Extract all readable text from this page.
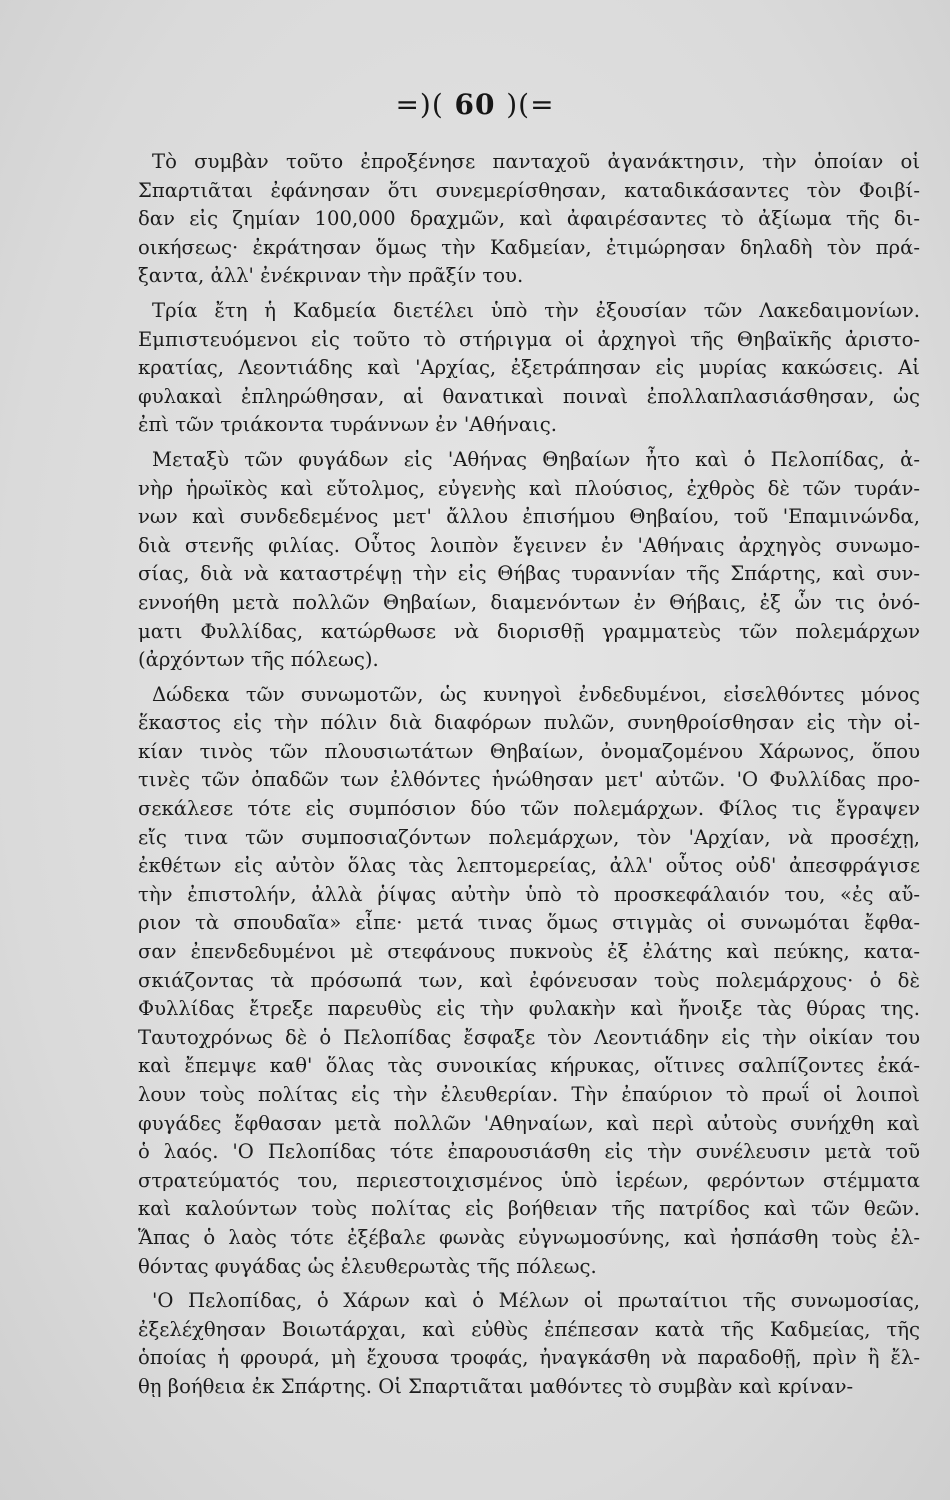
=)( 60 )(=
Τὸ συμβὰν τοῦτο ἐπροξένησε πανταχοῦ ἀγανάκτησιν, τὴν ὁποίαν οἱ
Σπαρτιᾶται ἐφάνησαν ὅτι συνεμερίσθησαν, καταδικάσαντες τὸν Φοιβί-
δαν εἰς ζημίαν 100,000 δραχμῶν, καὶ ἀφαιρέσαντες τὸ ἀξίωμα τῆς δι-
οικήσεως· ἐκράτησαν ὅμως τὴν Καδμείαν, ἐτιμώρησαν δηλαδὴ τὸν πρά-
ξαντα, ἀλλ' ἐνέκριναν τὴν πρᾶξίν του.
Τρία ἔτη ἡ Καδμεία διετέλει ὑπὸ τὴν ἐξουσίαν τῶν Λακεδαιμονίων.
Εμπιστευόμενοι εἰς τοῦτο τὸ στήριγμα οἱ ἀρχηγοὶ τῆς Θηβαϊκῆς ἀριστο-
κρατίας, Λεοντιάδης καὶ 'Αρχίας, ἐξετράπησαν εἰς μυρίας κακώσεις. Αἱ
φυλακαὶ ἐπληρώθησαν, αἱ θανατικαὶ ποιναὶ ἐπολλαπλασιάσθησαν, ὡς
ἐπὶ τῶν τριάκοντα τυράννων ἐν 'Αθήναις.
Μεταξὺ τῶν φυγάδων εἰς 'Αθήνας Θηβαίων ἦτο καὶ ὁ Πελοπίδας, ἀ-
νὴρ ἡρωϊκὸς καὶ εὔτολμος, εὐγενὴς καὶ πλούσιος, ἐχθρὸς δὲ τῶν τυράν-
νων καὶ συνδεδεμένος μετ' ἄλλου ἐπισήμου Θηβαίου, τοῦ 'Επαμινώνδα,
διὰ στενῆς φιλίας. Οὗτος λοιπὸν ἔγεινεν ἐν 'Αθήναις ἀρχηγὸς συνωμο-
σίας, διὰ νὰ καταστρέψῃ τὴν εἰς Θήβας τυραννίαν τῆς Σπάρτης, καὶ συν-
εννοήθη μετὰ πολλῶν Θηβαίων, διαμενόντων ἐν Θήβαις, ἐξ ὧν τις ὀνό-
ματι Φυλλίδας, κατώρθωσε νὰ διορισθῇ γραμματεὺς τῶν πολεμάρχων
(ἀρχόντων τῆς πόλεως).
Δώδεκα τῶν συνωμοτῶν, ὡς κυνηγοὶ ἐνδεδυμένοι, εἰσελθόντες μόνος
ἕκαστος εἰς τὴν πόλιν διὰ διαφόρων πυλῶν, συνηθροίσθησαν εἰς τὴν οἰ-
κίαν τινὸς τῶν πλουσιωτάτων Θηβαίων, ὀνομαζομένου Χάρωνος, ὅπου
τινὲς τῶν ὀπαδῶν των ἐλθόντες ἡνώθησαν μετ' αὐτῶν. 'Ο Φυλλίδας προ-
σεκάλεσε τότε εἰς συμπόσιον δύο τῶν πολεμάρχων. Φίλος τις ἔγραψεν
εἴς τινα τῶν συμποσιαζόντων πολεμάρχων, τὸν 'Αρχίαν, νὰ προσέχῃ,
ἐκθέτων εἰς αὐτὸν ὅλας τὰς λεπτομερείας, ἀλλ' οὗτος οὐδ' ἀπεσφράγισε
τὴν ἐπιστολήν, ἀλλὰ ῥίψας αὐτὴν ὑπὸ τὸ προσκεφάλαιόν του, «ἐς αὔ-
ριον τὰ σπουδαῖα» εἶπε· μετά τινας ὅμως στιγμὰς οἱ συνωμόται ἔφθα-
σαν ἐπενδεδυμένοι μὲ στεφάνους πυκνοὺς ἐξ ἐλάτης καὶ πεύκης, κατα-
σκιάζοντας τὰ πρόσωπά των, καὶ ἐφόνευσαν τοὺς πολεμάρχους· ὁ δὲ
Φυλλίδας ἔτρεξε παρευθὺς εἰς τὴν φυλακὴν καὶ ἤνοιξε τὰς θύρας της.
Ταυτοχρόνως δὲ ὁ Πελοπίδας ἔσφαξε τὸν Λεοντιάδην εἰς τὴν οἰκίαν του
καὶ ἔπεμψε καθ' ὅλας τὰς συνοικίας κήρυκας, οἵτινες σαλπίζοντες ἐκά-
λουν τοὺς πολίτας εἰς τὴν ἐλευθερίαν. Τὴν ἐπαύριον τὸ πρωΐ οἱ λοιποὶ
φυγάδες ἔφθασαν μετὰ πολλῶν 'Αθηναίων, καὶ περὶ αὐτοὺς συνήχθη καὶ
ὁ λαός. 'Ο Πελοπίδας τότε ἐπαρουσιάσθη εἰς τὴν συνέλευσιν μετὰ τοῦ
στρατεύματός του, περιεστοιχισμένος ὑπὸ ἱερέων, φερόντων στέμματα
καὶ καλούντων τοὺς πολίτας εἰς βοήθειαν τῆς πατρίδος καὶ τῶν θεῶν.
Ἅπας ὁ λαὸς τότε ἐξέβαλε φωνὰς εὐγνωμοσύνης, καὶ ἠσπάσθη τοὺς ἐλ-
θόντας φυγάδας ὡς ἐλευθερωτὰς τῆς πόλεως.
'Ο Πελοπίδας, ὁ Χάρων καὶ ὁ Μέλων οἱ πρωταίτιοι τῆς συνωμοσίας,
ἐξελέχθησαν Βοιωτάρχαι, καὶ εὐθὺς ἐπέπεσαν κατὰ τῆς Καδμείας, τῆς
ὁποίας ἡ φρουρά, μὴ ἔχουσα τροφάς, ἠναγκάσθη νὰ παραδοθῇ, πρὶν ἢ ἔλ-
θῃ βοήθεια ἐκ Σπάρτης. Οἱ Σπαρτιᾶται μαθόντες τὸ συμβὰν καὶ κρίναν-
